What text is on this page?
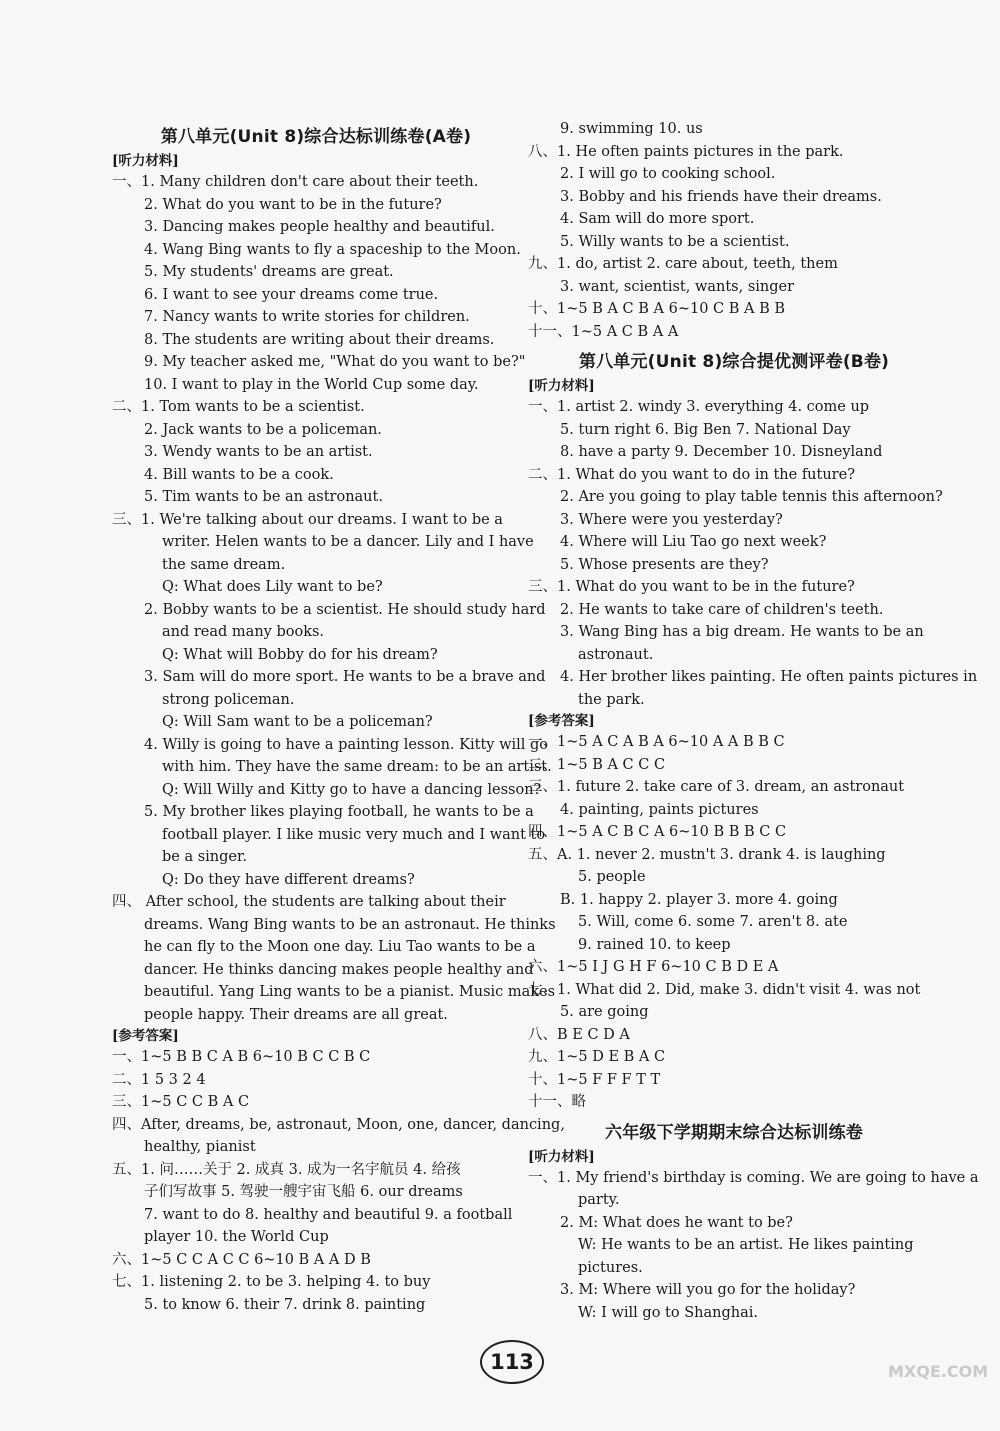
第八单元(Unit 8)综合达标训练卷(A卷)
[听力材料]
一、1. Many children don't care about their teeth.
2. What do you want to be in the future?
3. Dancing makes people healthy and beautiful.
4. Wang Bing wants to fly a spaceship to the Moon.
5. My students' dreams are great.
6. I want to see your dreams come true.
7. Nancy wants to write stories for children.
8. The students are writing about their dreams.
9. My teacher asked me, "What do you want to be?"
10. I want to play in the World Cup some day.
二、1. Tom wants to be a scientist.
2. Jack wants to be a policeman.
3. Wendy wants to be an artist.
4. Bill wants to be a cook.
5. Tim wants to be an astronaut.
三、1. We're talking about our dreams. I want to be a
writer. Helen wants to be a dancer. Lily and I have
the same dream.
Q: What does Lily want to be?
2. Bobby wants to be a scientist. He should study hard
and read many books.
Q: What will Bobby do for his dream?
3. Sam will do more sport. He wants to be a brave and
strong policeman.
Q: Will Sam want to be a policeman?
4. Willy is going to have a painting lesson. Kitty will go
with him. They have the same dream: to be an artist.
Q: Will Willy and Kitty go to have a dancing lesson?
5. My brother likes playing football, he wants to be a
football player. I like music very much and I want to
be a singer.
Q: Do they have different dreams?
四、 After school, the students are talking about their
dreams. Wang Bing wants to be an astronaut. He thinks
he can fly to the Moon one day. Liu Tao wants to be a
dancer. He thinks dancing makes people healthy and
beautiful. Yang Ling wants to be a pianist. Music makes
people happy. Their dreams are all great.
[参考答案]
一、1~5 B B C A B 6~10 B C C B C
二、1 5 3 2 4
三、1~5 C C B A C
四、After, dreams, be, astronaut, Moon, one, dancer, dancing,
healthy, pianist
五、1. 问……关于 2. 成真 3. 成为一名宇航员 4. 给孩
子们写故事 5. 驾驶一艘宇宙飞船 6. our dreams
7. want to do 8. healthy and beautiful 9. a football
player 10. the World Cup
六、1~5 C C A C C 6~10 B A A D B
七、1. listening 2. to be 3. helping 4. to buy
5. to know 6. their 7. drink 8. painting
9. swimming 10. us
八、1. He often paints pictures in the park.
2. I will go to cooking school.
3. Bobby and his friends have their dreams.
4. Sam will do more sport.
5. Willy wants to be a scientist.
九、1. do, artist 2. care about, teeth, them
3. want, scientist, wants, singer
十、1~5 B A C B A 6~10 C B A B B
十一、1~5 A C B A A
第八单元(Unit 8)综合提优测评卷(B卷)
[听力材料]
一、1. artist 2. windy 3. everything 4. come up
5. turn right 6. Big Ben 7. National Day
8. have a party 9. December 10. Disneyland
二、1. What do you want to do in the future?
2. Are you going to play table tennis this afternoon?
3. Where were you yesterday?
4. Where will Liu Tao go next week?
5. Whose presents are they?
三、1. What do you want to be in the future?
2. He wants to take care of children's teeth.
3. Wang Bing has a big dream. He wants to be an
astronaut.
4. Her brother likes painting. He often paints pictures in
the park.
[参考答案]
一、1~5 A C A B A 6~10 A A B B C
二、1~5 B A C C C
三、1. future 2. take care of 3. dream, an astronaut
4. painting, paints pictures
四、1~5 A C B C A 6~10 B B B C C
五、A. 1. never 2. mustn't 3. drank 4. is laughing
5. people
B. 1. happy 2. player 3. more 4. going
5. Will, come 6. some 7. aren't 8. ate
9. rained 10. to keep
六、1~5 I J G H F 6~10 C B D E A
七、1. What did 2. Did, make 3. didn't visit 4. was not
5. are going
八、B E C D A
九、1~5 D E B A C
十、1~5 F F F T T
十一、略
六年级下学期期末综合达标训练卷
[听力材料]
一、1. My friend's birthday is coming. We are going to have a
party.
2. M: What does he want to be?
W: He wants to be an artist. He likes painting
pictures.
3. M: Where will you go for the holiday?
W: I will go to Shanghai.
113	MXQE.COM
